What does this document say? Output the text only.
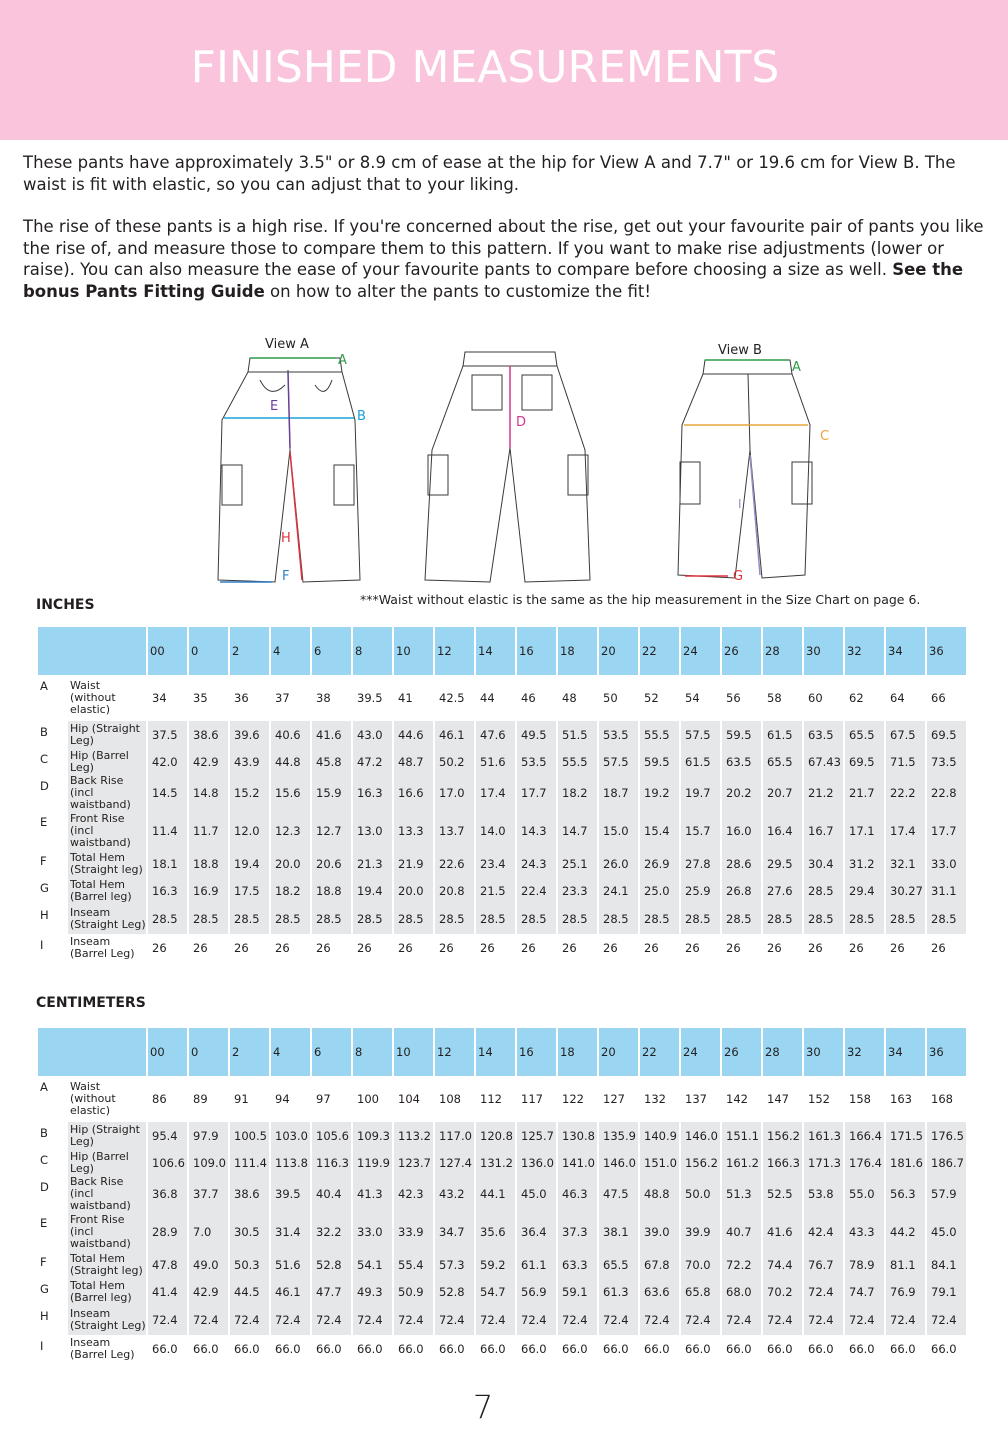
FINISHED MEASUREMENTS

These pants have approximately 3.5" or 8.9 cm of ease at the hip for View A and 7.7" or 19.6 cm for View B. The waist is fit with elastic, so you can adjust that to your liking.

The rise of these pants is a high rise. If you're concerned about the rise, get out your favourite pair of pants you like the rise of, and measure those to compare them to this pattern. If you want to make rise adjustments (lower or raise). You can also measure the ease of your favourite pants to compare before choosing a size as well. See the bonus Pants Fitting Guide on how to alter the pants to customize the fit!

View A
A
B
E
H
F
D
View B
A
C
I
G
INCHES	***Waist without elastic is the same as the hip measurement in the Size Chart on page 6.
		00	0	2	4	6	8	10	12	14	16	18	20	22	24	26	28	30	32	34	36
A	Waist (without elastic)	34	35	36	37	38	39.5	41	42.5	44	46	48	50	52	54	56	58	60	62	64	66
B	Hip (Straight Leg)	37.5	38.6	39.6	40.6	41.6	43.0	44.6	46.1	47.6	49.5	51.5	53.5	55.5	57.5	59.5	61.5	63.5	65.5	67.5	69.5
C	Hip (Barrel Leg)	42.0	42.9	43.9	44.8	45.8	47.2	48.7	50.2	51.6	53.5	55.5	57.5	59.5	61.5	63.5	65.5	67.43	69.5	71.5	73.5
D	Back Rise (incl waistband)	14.5	14.8	15.2	15.6	15.9	16.3	16.6	17.0	17.4	17.7	18.2	18.7	19.2	19.7	20.2	20.7	21.2	21.7	22.2	22.8
E	Front Rise (incl waistband)	11.4	11.7	12.0	12.3	12.7	13.0	13.3	13.7	14.0	14.3	14.7	15.0	15.4	15.7	16.0	16.4	16.7	17.1	17.4	17.7
F	Total Hem (Straight leg)	18.1	18.8	19.4	20.0	20.6	21.3	21.9	22.6	23.4	24.3	25.1	26.0	26.9	27.8	28.6	29.5	30.4	31.2	32.1	33.0
G	Total Hem (Barrel leg)	16.3	16.9	17.5	18.2	18.8	19.4	20.0	20.8	21.5	22.4	23.3	24.1	25.0	25.9	26.8	27.6	28.5	29.4	30.27	31.1
H	Inseam (Straight Leg)	28.5	28.5	28.5	28.5	28.5	28.5	28.5	28.5	28.5	28.5	28.5	28.5	28.5	28.5	28.5	28.5	28.5	28.5	28.5	28.5
I	Inseam (Barrel Leg)	26	26	26	26	26	26	26	26	26	26	26	26	26	26	26	26	26	26	26	26
CENTIMETERS
		00	0	2	4	6	8	10	12	14	16	18	20	22	24	26	28	30	32	34	36
A	Waist (without elastic)	86	89	91	94	97	100	104	108	112	117	122	127	132	137	142	147	152	158	163	168
B	Hip (Straight Leg)	95.4	97.9	100.5	103.0	105.6	109.3	113.2	117.0	120.8	125.7	130.8	135.9	140.9	146.0	151.1	156.2	161.3	166.4	171.5	176.5
C	Hip (Barrel Leg)	106.6	109.0	111.4	113.8	116.3	119.9	123.7	127.4	131.2	136.0	141.0	146.0	151.0	156.2	161.2	166.3	171.3	176.4	181.6	186.7
D	Back Rise (incl waistband)	36.8	37.7	38.6	39.5	40.4	41.3	42.3	43.2	44.1	45.0	46.3	47.5	48.8	50.0	51.3	52.5	53.8	55.0	56.3	57.9
E	Front Rise (incl waistband)	28.9	7.0	30.5	31.4	32.2	33.0	33.9	34.7	35.6	36.4	37.3	38.1	39.0	39.9	40.7	41.6	42.4	43.3	44.2	45.0
F	Total Hem (Straight leg)	47.8	49.0	50.3	51.6	52.8	54.1	55.4	57.3	59.2	61.1	63.3	65.5	67.8	70.0	72.2	74.4	76.7	78.9	81.1	84.1
G	Total Hem (Barrel leg)	41.4	42.9	44.5	46.1	47.7	49.3	50.9	52.8	54.7	56.9	59.1	61.3	63.6	65.8	68.0	70.2	72.4	74.7	76.9	79.1
H	Inseam (Straight Leg)	72.4	72.4	72.4	72.4	72.4	72.4	72.4	72.4	72.4	72.4	72.4	72.4	72.4	72.4	72.4	72.4	72.4	72.4	72.4	72.4
I	Inseam (Barrel Leg)	66.0	66.0	66.0	66.0	66.0	66.0	66.0	66.0	66.0	66.0	66.0	66.0	66.0	66.0	66.0	66.0	66.0	66.0	66.0	66.0
7
